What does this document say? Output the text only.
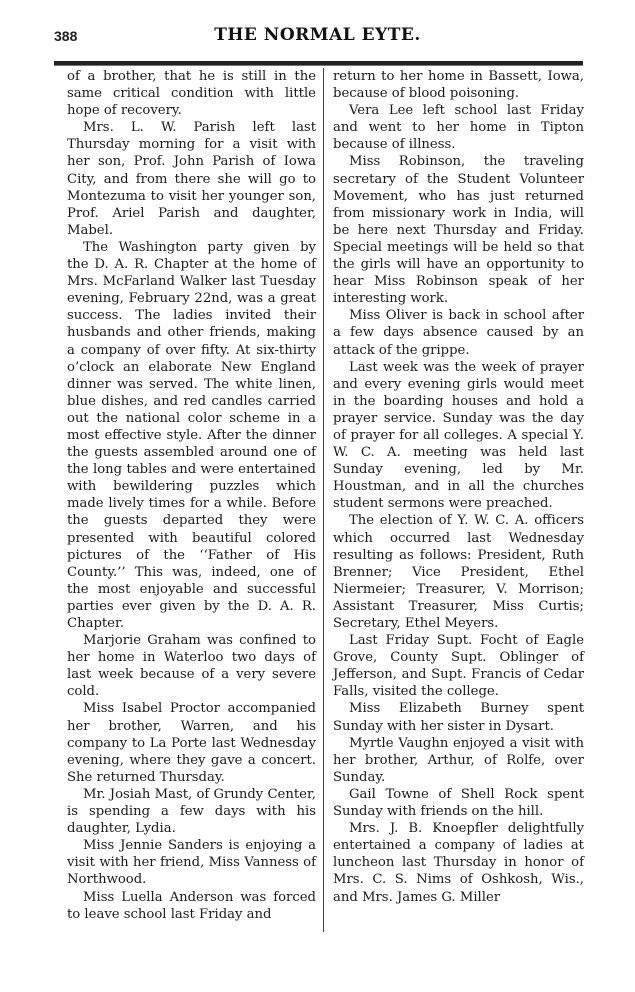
388	THE NORMAL EYTE.

of a brother, that he is still in the same critical condition with little hope of recovery.

Mrs. L. W. Parish left last Thursday morning for a visit with her son, Prof. John Parish of Iowa City, and from there she will go to Montezuma to visit her younger son, Prof. Ariel Parish and daughter, Mabel.

The Washington party given by the D. A. R. Chapter at the home of Mrs. McFarland Walker last Tuesday evening, February 22nd, was a great success. The ladies invited their husbands and other friends, making a company of over fifty. At six-thirty o’clock an elaborate New England dinner was served. The white linen, blue dishes, and red candles carried out the national color scheme in a most effective style. After the dinner the guests assembled around one of the long tables and were entertained with bewildering puzzles which made lively times for a while. Before the guests departed they were presented with beautiful colored pictures of the ‘‘Father of His County.’’ This was, indeed, one of the most enjoyable and successful parties ever given by the D. A. R. Chapter.

Marjorie Graham was confined to her home in Waterloo two days of last week because of a very severe cold.

Miss Isabel Proctor accompanied her brother, Warren, and his company to La Porte last Wednesday evening, where they gave a concert. She returned Thursday.

Mr. Josiah Mast, of Grundy Center, is spending a few days with his daughter, Lydia.

Miss Jennie Sanders is enjoying a visit with her friend, Miss Vanness of Northwood.

Miss Luella Anderson was forced to leave school last Friday and

return to her home in Bassett, Iowa, because of blood poisoning.

Vera Lee left school last Friday and went to her home in Tipton because of illness.

Miss Robinson, the traveling secretary of the Student Volunteer Movement, who has just returned from missionary work in India, will be here next Thursday and Friday. Special meetings will be held so that the girls will have an opportunity to hear Miss Robinson speak of her interesting work.

Miss Oliver is back in school after a few days absence caused by an attack of the grippe.

Last week was the week of prayer and every evening girls would meet in the boarding houses and hold a prayer service. Sunday was the day of prayer for all colleges. A special Y. W. C. A. meeting was held last Sunday evening, led by Mr. Houstman, and in all the churches student sermons were preached.

The election of Y. W. C. A. officers which occurred last Wednesday resulting as follows: President, Ruth Brenner; Vice President, Ethel Niermeier; Treasurer, V. Morrison; Assistant Treasurer, Miss Curtis; Secretary, Ethel Meyers.

Last Friday Supt. Focht of Eagle Grove, County Supt. Oblinger of Jefferson, and Supt. Francis of Cedar Falls, visited the college.

Miss Elizabeth Burney spent Sunday with her sister in Dysart.

Myrtle Vaughn enjoyed a visit with her brother, Arthur, of Rolfe, over Sunday.

Gail Towne of Shell Rock spent Sunday with friends on the hill.

Mrs. J. B. Knoepfler delightfully entertained a company of ladies at luncheon last Thursday in honor of Mrs. C. S. Nims of Oshkosh, Wis., and Mrs. James G. Miller
